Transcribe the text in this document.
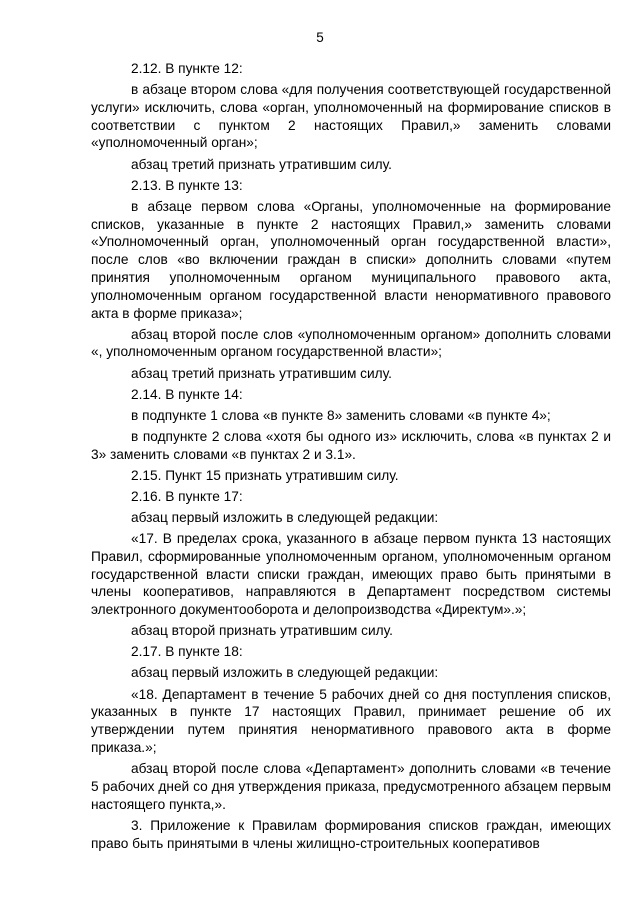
5

2.12. В пункте 12:

в абзаце втором слова «для получения соответствующей государственной услуги» исключить, слова «орган, уполномоченный на формирование списков в соответствии с пунктом 2 настоящих Правил,» заменить словами «уполномоченный орган»;

абзац третий признать утратившим силу.

2.13. В пункте 13:

в абзаце первом слова «Органы, уполномоченные на формирование списков, указанные в пункте 2 настоящих Правил,» заменить словами «Уполномоченный орган, уполномоченный орган государственной власти», после слов «во включении граждан в списки» дополнить словами «путем принятия уполномоченным органом муниципального правового акта, уполномоченным органом государственной власти ненормативного правового акта в форме приказа»;

абзац второй после слов «уполномоченным органом» дополнить словами «, уполномоченным органом государственной власти»;

абзац третий признать утратившим силу.

2.14. В пункте 14:

в подпункте 1 слова «в пункте 8» заменить словами «в пункте 4»;

в подпункте 2 слова «хотя бы одного из» исключить, слова «в пунктах 2 и 3» заменить словами «в пунктах 2 и 3.1».

2.15. Пункт 15 признать утратившим силу.

2.16. В пункте 17:

абзац первый изложить в следующей редакции:

«17. В пределах срока, указанного в абзаце первом пункта 13 настоящих Правил, сформированные уполномоченным органом, уполномоченным органом государственной власти списки граждан, имеющих право быть принятыми в члены кооперативов, направляются в Департамент посредством системы электронного документооборота и делопроизводства «Директум».»;

абзац второй признать утратившим силу.

2.17. В пункте 18:

абзац первый изложить в следующей редакции:

«18. Департамент в течение 5 рабочих дней со дня поступления списков, указанных в пункте 17 настоящих Правил, принимает решение об их утверждении путем принятия ненормативного правового акта в форме приказа.»;

абзац второй после слова «Департамент» дополнить словами «в течение 5 рабочих дней со дня утверждения приказа, предусмотренного абзацем первым настоящего пункта,».

3. Приложение к Правилам формирования списков граждан, имеющих право быть принятыми в члены жилищно-строительных кооперативов
